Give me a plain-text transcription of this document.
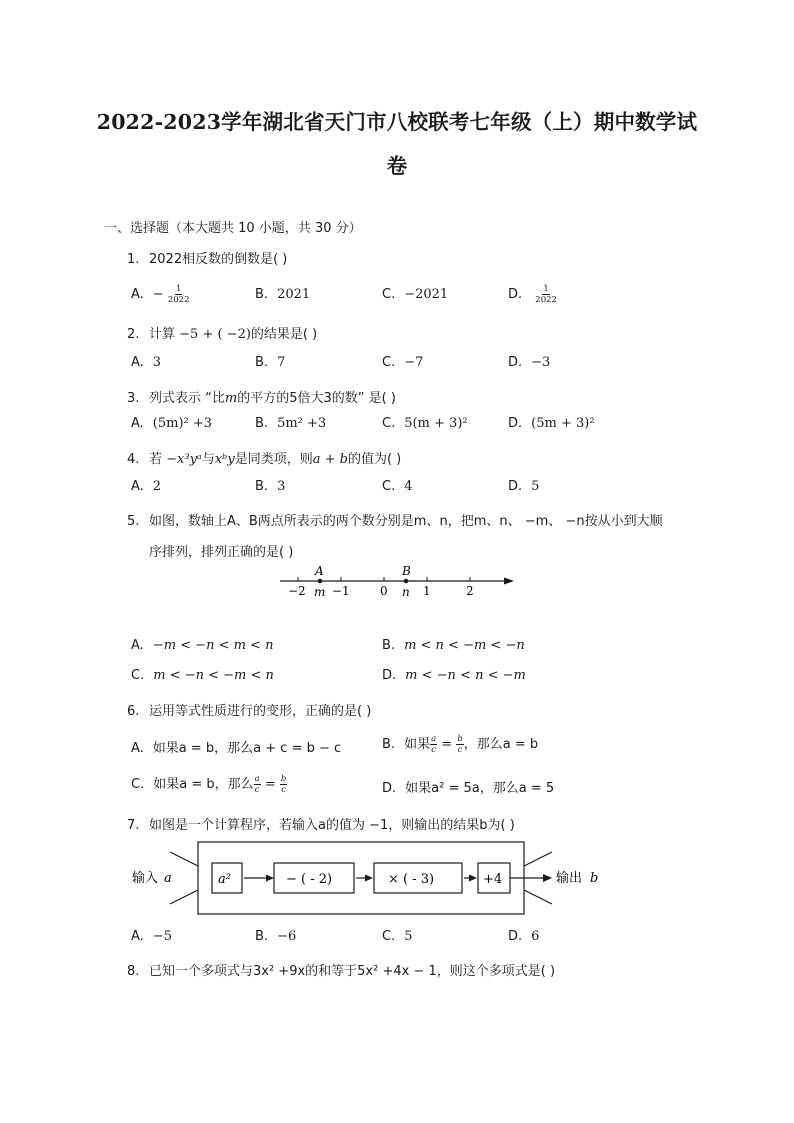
2022-2023学年湖北省天门市八校联考七年级（上）期中数学试
卷
一、选择题（本大题共 10 小题，共 30 分）
1. 2022相反数的倒数是( )
A. − $\frac{1}{2022}$	B. 2021	C. −2021	D. $\frac{1}{2022}$
2. 计算 −5 + ( −2)的结果是( )
A. 3	B. 7	C. −7	D. −3
3. 列式表示 “比m的平方的5倍大3的数” 是( )
A. (5m)² +3	B. 5m² +3	C. 5(m + 3)²	D. (5m + 3)²
4. 若 −x³yᵃ与xᵇy是同类项，则a + b的值为( )
A. 2	B. 3	C. 4	D. 5
5. 如图，数轴上A、B两点所表示的两个数分别是m、n，把m、n、 −m、 −n按从小到大顺
序排列，排列正确的是( )
A	B
−2 m −1	0 n 1	2
A. −m < −n < m < n	B. m < n < −m < −n
C. m < −n < −m < n	D. m < −n < n < −m
6. 运用等式性质进行的变形，正确的是( )
A. 如果a = b，那么a + c = b − c	B. 如果 $\frac{a}{c} = \frac{b}{c}$ ，那么a = b
C. 如果a = b，那么 $\frac{a}{c} = \frac{b}{c}$	D. 如果a² = 5a，那么a = 5
7. 如图是一个计算程序，若输入a的值为 −1，则输出的结果b为( )
输入 a	a²	− ( - 2)	× ( - 3)	+4	输出 b
A. −5	B. −6	C. 5	D. 6
8. 已知一个多项式与3x² +9x的和等于5x² +4x − 1，则这个多项式是( )
